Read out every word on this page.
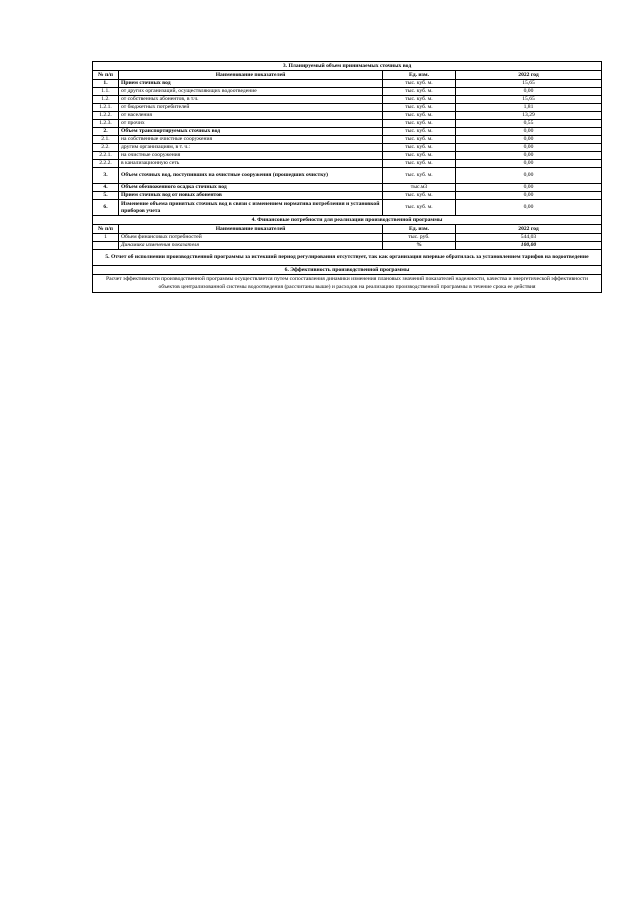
3. Планируемый объем принимаемых сточных вод			
№ п/п	Наименование показателей	Ед. изм.	2022 год
1.	Прием сточных вод	тыс. куб. м.	15,65
1.1.	от других организаций, осуществляющих водоотведение	тыс. куб. м.	0,00
1.2.	от собственных абонентов, в т.ч.	тыс. куб. м.	15,65
1.2.1.	от бюджетных потребителей	тыс. куб. м.	1,81
1.2.2.	от населения	тыс. куб. м.	13,29
1.2.3.	от прочих	тыс. куб. м.	0,55
2.	Объем транспортируемых сточных вод	тыс. куб. м.	0,00
2.1.	на собственные очистные сооружения	тыс. куб. м.	0,00
2.2.	другим организациям, в т. ч.:	тыс. куб. м.	0,00
2.2.1.	на очистные сооружения	тыс. куб. м.	0,00
2.2.2.	в канализационную сеть	тыс. куб. м.	0,00
3.	Объем сточных вод, поступивших на очистные сооружения (прошедших очистку)	тыс. куб. м.	0,00
4.	Объем обезвоженного осадка сточных вод	тыс.м3	0,00
5.	Прием сточных вод от новых абонентов	тыс. куб. м.	0,00
6.	Изменение объема принятых сточных вод в связи с изменением норматива потребления и установкой приборов учета	тыс. куб. м.	0,00
4. Финансовые потребности для реализации производственной программы			
№ п/п	Наименование показателей	Ед. изм.	2022 год
1	Объем финансовых потребностей	тыс. руб.	544,03
	Динамика изменения показателя	%	100,00
5. Отчет об исполнении производственной программы за истекший период регулирования отсутствует, так как организация впервые обратилась за установлением тарифов на водоотведение			
6. Эффективность производственной программы			
Расчет эффективности производственной программы осуществляется путем сопоставления динамики изменения плановых значений показателей надежности, качества и энергетической эффективности объектов централизованной системы водоотведения (рассчитаны выше) и расходов на реализацию производственной программы в течение срока ее действия			
